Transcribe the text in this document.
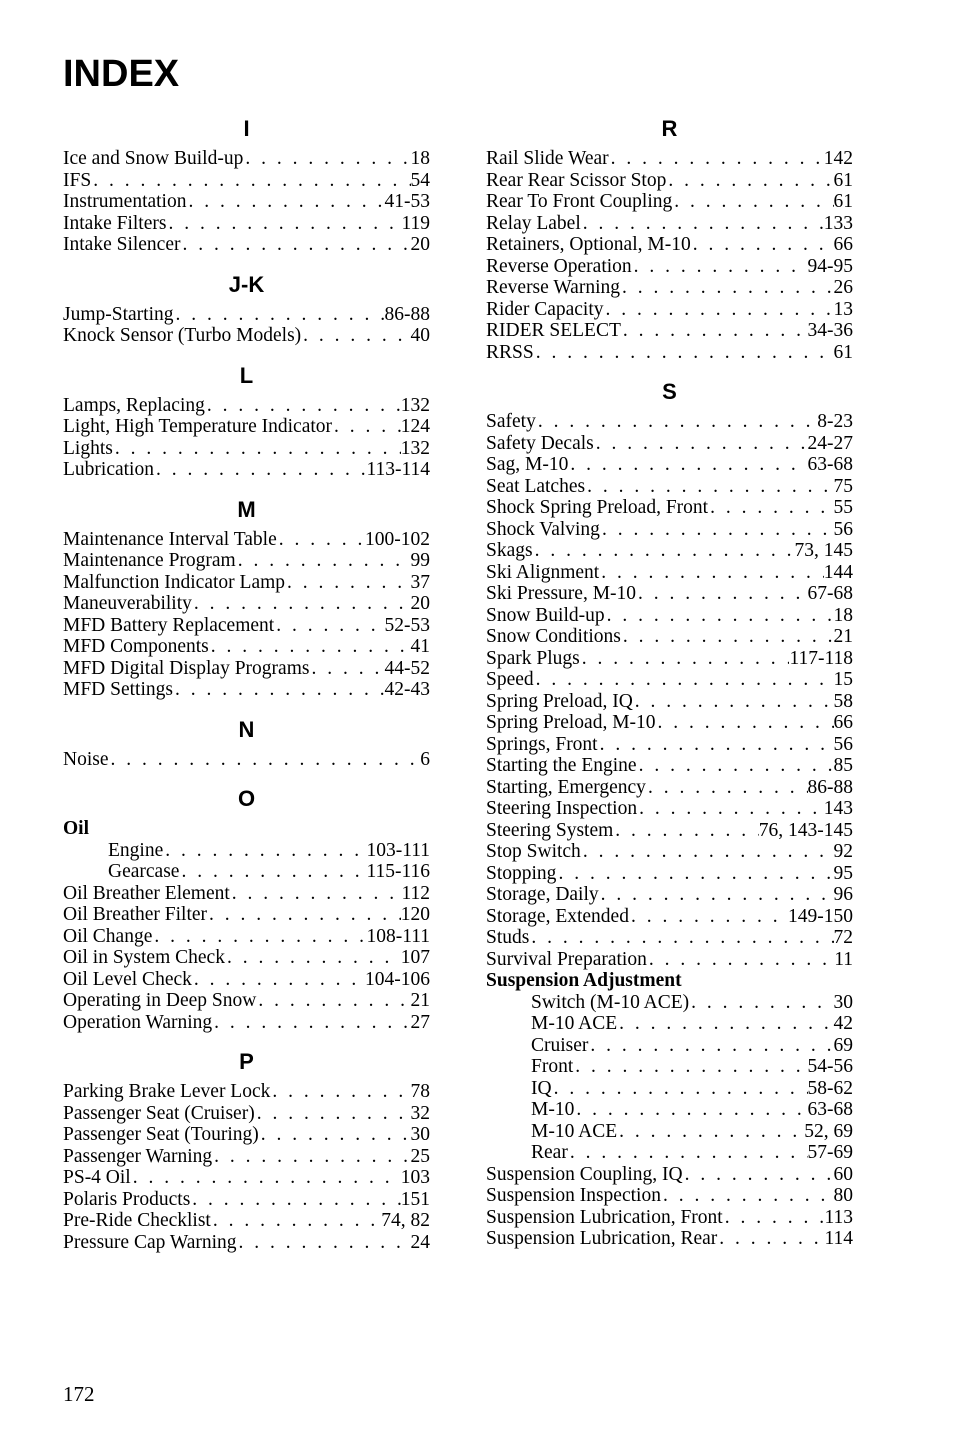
INDEX
I
Ice and Snow Build-up . . .	18
IFS . . .	54
Instrumentation . . .	41-53
Intake Filters . . .	119
Intake Silencer . . .	20
J-K
Jump-Starting . . .	86-88
Knock Sensor (Turbo Models) . . .	40
L
Lamps, Replacing . . .	132
Light, High Temperature Indicator . . .	124
Lights . . .	132
Lubrication . . .	113-114
M
Maintenance Interval Table . . .	100-102
Maintenance Program . . .	99
Malfunction Indicator Lamp . . .	37
Maneuverability . . .	20
MFD Battery Replacement . . .	52-53
MFD Components . . .	41
MFD Digital Display Programs . . .	44-52
MFD Settings . . .	42-43
N
Noise . . .	6
O
Oil
Engine . . .	103-111
Gearcase . . .	115-116
Oil Breather Element . . .	112
Oil Breather Filter . . .	120
Oil Change . . .	108-111
Oil in System Check . . .	107
Oil Level Check . . .	104-106
Operating in Deep Snow . . .	21
Operation Warning . . .	27
P
Parking Brake Lever Lock . . .	78
Passenger Seat (Cruiser) . . .	32
Passenger Seat (Touring) . . .	30
Passenger Warning . . .	25
PS-4 Oil . . .	103
Polaris Products . . .	151
Pre-Ride Checklist . . .	74, 82
Pressure Cap Warning . . .	24
R
Rail Slide Wear . . .	142
Rear Rear Scissor Stop . . .	61
Rear To Front Coupling . . .	61
Relay Label . . .	133
Retainers, Optional, M-10 . . .	66
Reverse Operation . . .	94-95
Reverse Warning . . .	26
Rider Capacity . . .	13
RIDER SELECT . . .	34-36
RRSS . . .	61
S
Safety . . .	8-23
Safety Decals . . .	24-27
Sag, M-10 . . .	63-68
Seat Latches . . .	75
Shock Spring Preload, Front . . .	55
Shock Valving . . .	56
Skags . . .	73, 145
Ski Alignment . . .	144
Ski Pressure, M-10 . . .	67-68
Snow Build-up . . .	18
Snow Conditions . . .	21
Spark Plugs . . .	117-118
Speed . . .	15
Spring Preload, IQ . . .	58
Spring Preload, M-10 . . .	66
Springs, Front . . .	56
Starting the Engine . . .	85
Starting, Emergency . . .	86-88
Steering Inspection . . .	143
Steering System . . .	76, 143-145
Stop Switch . . .	92
Stopping . . .	95
Storage, Daily . . .	96
Storage, Extended . . .	149-150
Studs . . .	72
Survival Preparation . . .	11
Suspension Adjustment
Switch (M-10 ACE) . . .	30
M-10 ACE . . .	42
Cruiser . . .	69
Front . . .	54-56
IQ . . .	58-62
M-10 . . .	63-68
M-10 ACE . . .	52, 69
Rear . . .	57-69
Suspension Coupling, IQ . . .	60
Suspension Inspection . . .	80
Suspension Lubrication, Front . . .	113
Suspension Lubrication, Rear . . .	114
172
